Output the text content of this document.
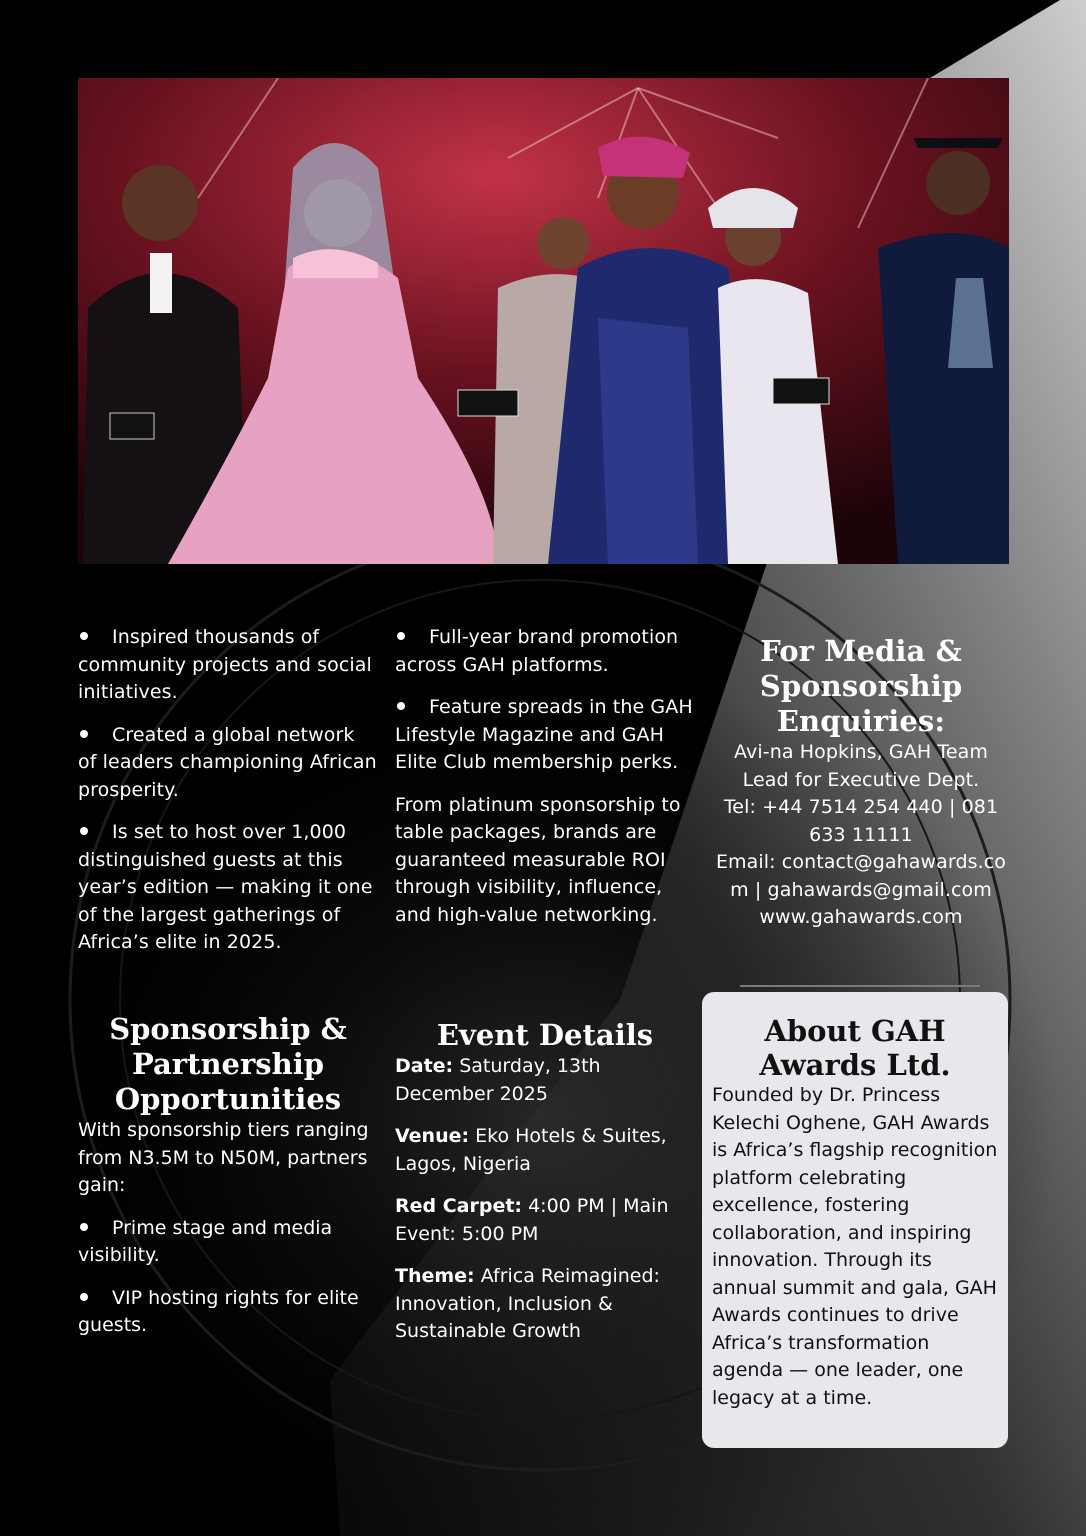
Inspired thousands of community projects and social initiatives.

Created a global network of leaders championing African prosperity.

Is set to host over 1,000 distinguished guests at this year’s edition — making it one of the largest gatherings of Africa’s elite in 2025.

Full-year brand promotion across GAH platforms.

Feature spreads in the GAH Lifestyle Magazine and GAH Elite Club membership perks.

From platinum sponsorship to table packages, brands are guaranteed measurable ROI through visibility, influence, and high-value networking.

For Media & Sponsorship Enquiries:
Avi-na Hopkins, GAH Team Lead for Executive Dept.
Tel: +44 7514 254 440 | 081 633 11111
Email: contact@gahawards.com | gahawards@gmail.com
www.gahawards.com
Sponsorship & Partnership Opportunities

With sponsorship tiers ranging from N3.5M to N50M, partners gain:

Prime stage and media visibility.

VIP hosting rights for elite guests.

Event Details

Date: Saturday, 13th December 2025

Venue: Eko Hotels & Suites, Lagos, Nigeria

Red Carpet: 4:00 PM | Main Event: 5:00 PM

Theme: Africa Reimagined: Innovation, Inclusion & Sustainable Growth

About GAH Awards Ltd.
Founded by Dr. Princess Kelechi Oghene, GAH Awards is Africa’s flagship recognition platform celebrating excellence, fostering collaboration, and inspiring innovation. Through its annual summit and gala, GAH Awards continues to drive Africa’s transformation agenda — one leader, one legacy at a time.
